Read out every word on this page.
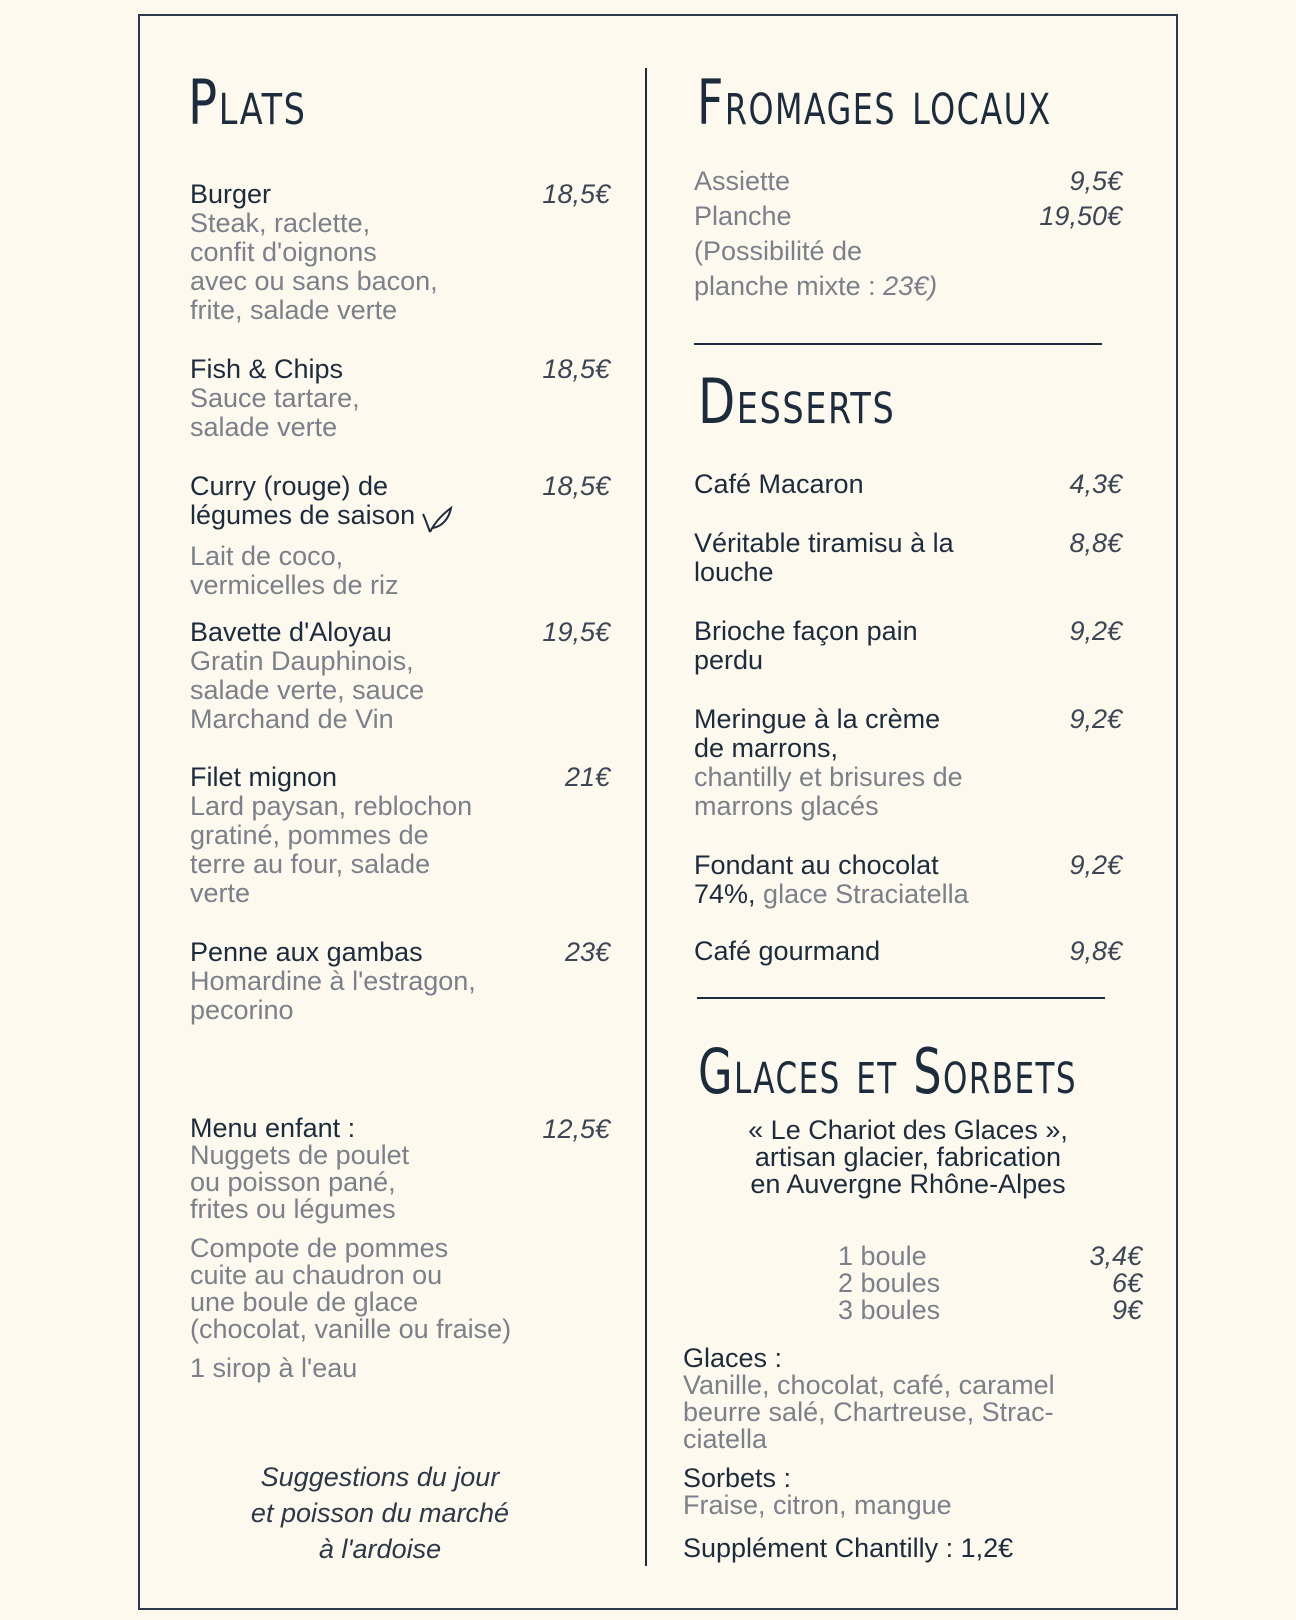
Plats
Burger
Steak, raclette,
confit d'oignons
avec ou sans bacon,
frite, salade verte
18,5€
Fish & Chips
Sauce tartare,
salade verte
18,5€
Curry (rouge) de
légumes de saison
Lait de coco,
vermicelles de riz
18,5€
Bavette d'Aloyau
Gratin Dauphinois,
salade verte, sauce
Marchand de Vin
19,5€
Filet mignon
Lard paysan, reblochon
gratiné, pommes de
terre au four, salade
verte
21€
Penne aux gambas
Homardine à l'estragon,
pecorino
23€
Menu enfant :
Nuggets de poulet
ou poisson pané,
frites ou légumes
Compote de pommes
cuite au chaudron ou
une boule de glace
(chocolat, vanille ou fraise)
1 sirop à l'eau
12,5€
Suggestions du jour
et poisson du marché
à l'ardoise
Fromages locaux
Assiette
Planche
(Possibilité de
planche mixte : 23€)
9,5€
19,50€
Desserts
Café Macaron	4,3€
Véritable tiramisu à la
louche
8,8€
Brioche façon pain
perdu
9,2€
Meringue à la crème
de marrons,
chantilly et brisures de
marrons glacés
9,2€
Fondant au chocolat
74%, glace Straciatella
9,2€
Café gourmand	9,8€
Glaces et Sorbets
« Le Chariot des Glaces »,
artisan glacier, fabrication
en Auvergne Rhône-Alpes
1 boule
2 boules
3 boules
3,4€
6€
9€
Glaces :
Vanille, chocolat, café, caramel
beurre salé, Chartreuse, Strac-
ciatella
Sorbets :
Fraise, citron, mangue
Supplément Chantilly : 1,2€
